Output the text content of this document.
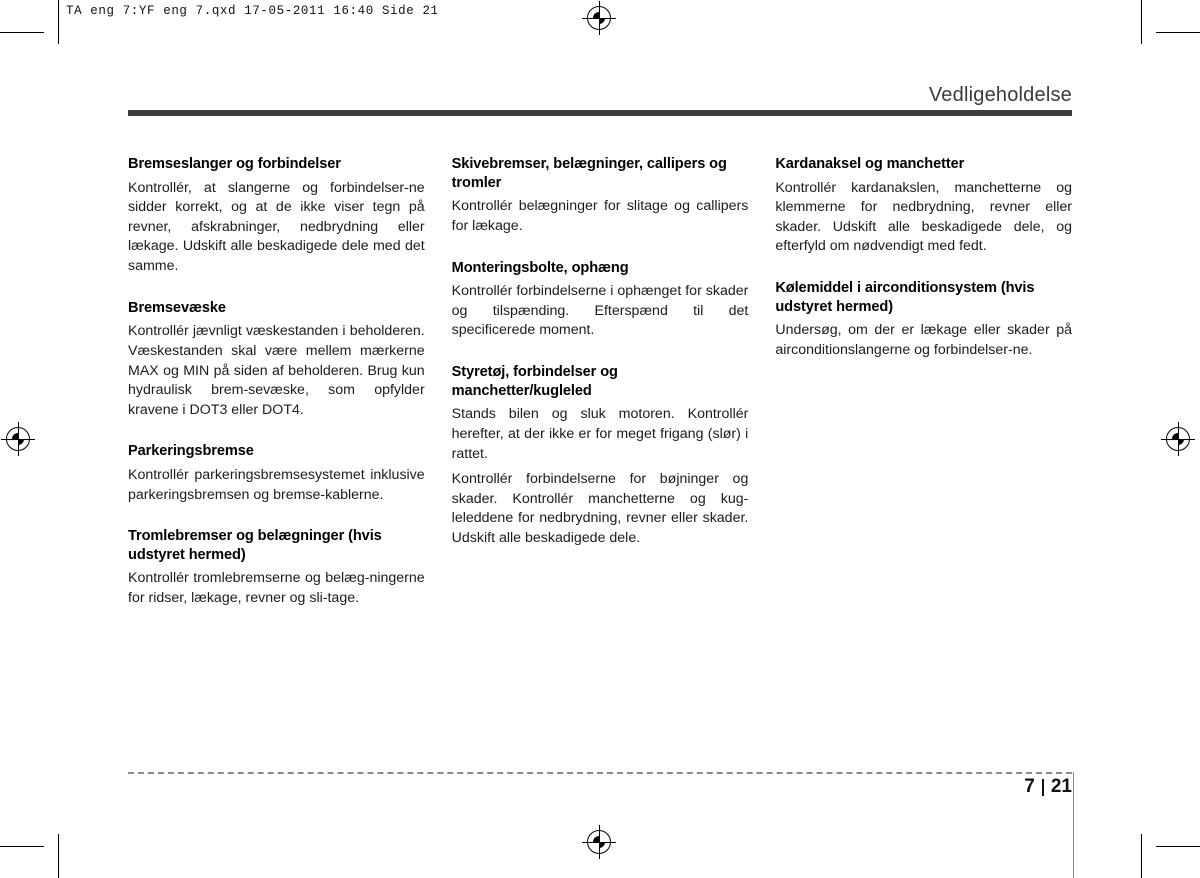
TA eng 7:YF eng 7.qxd 17-05-2011 16:40 Side 21
Vedligeholdelse
Bremseslanger og forbindelser

Kontrollér, at slangerne og forbindelser-ne sidder korrekt, og at de ikke viser tegn på revner, afskrabninger, nedbrydning eller lækage. Udskift alle beskadigede dele med det samme.

Bremsevæske

Kontrollér jævnligt væskestanden i beholderen. Væskestanden skal være mellem mærkerne MAX og MIN på siden af beholderen. Brug kun hydraulisk brem-sevæske, som opfylder kravene i DOT3 eller DOT4.

Parkeringsbremse

Kontrollér parkeringsbremsesystemet inklusive parkeringsbremsen og bremse-kablerne.

Tromlebremser og belægninger (hvis udstyret hermed)

Kontrollér tromlebremserne og belæg-ningerne for ridser, lækage, revner og sli-tage.

Skivebremser, belægninger, callipers og tromler

Kontrollér belægninger for slitage og callipers for lækage.

Monteringsbolte, ophæng

Kontrollér forbindelserne i ophænget for skader og tilspænding. Efterspænd til det specificerede moment.

Styretøj, forbindelser og manchetter/kugleled

Stands bilen og sluk motoren. Kontrollér herefter, at der ikke er for meget frigang (slør) i rattet.

Kontrollér forbindelserne for bøjninger og skader. Kontrollér manchetterne og kug-leleddene for nedbrydning, revner eller skader. Udskift alle beskadigede dele.

Kardanaksel og manchetter

Kontrollér kardanakslen, manchetterne og klemmerne for nedbrydning, revner eller skader. Udskift alle beskadigede dele, og efterfyld om nødvendigt med fedt.

Kølemiddel i airconditionsystem (hvis udstyret hermed)

Undersøg, om der er lækage eller skader på airconditionslangerne og forbindelser-ne.

7 21
